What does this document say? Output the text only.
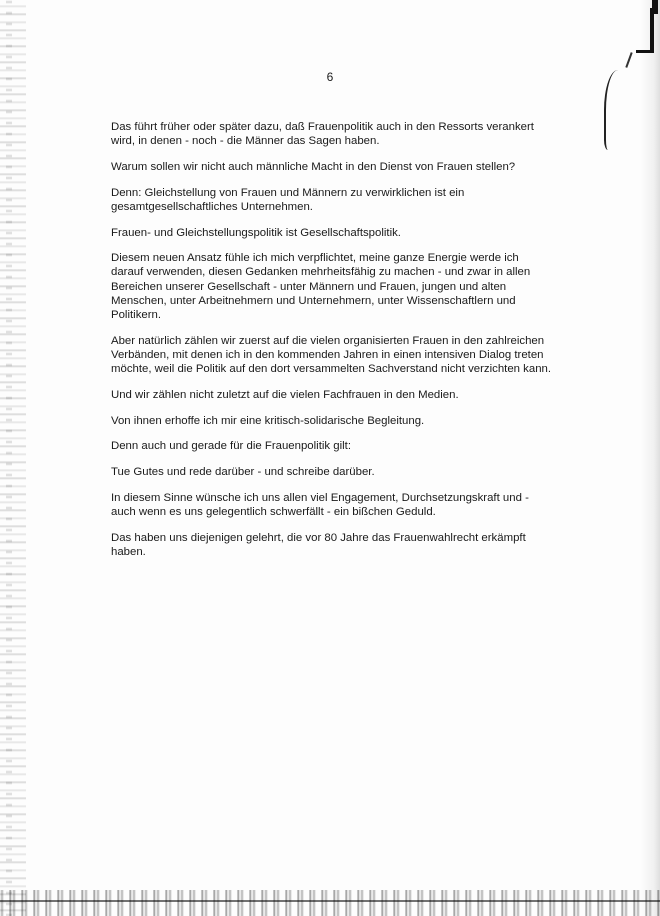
6

Das führt früher oder später dazu, daß Frauenpolitik auch in den Ressorts verankert
wird, in denen - noch - die Männer das Sagen haben.

Warum sollen wir nicht auch männliche Macht in den Dienst von Frauen stellen?

Denn: Gleichstellung von Frauen und Männern zu verwirklichen ist ein
gesamtgesellschaftliches Unternehmen.

Frauen- und Gleichstellungspolitik ist Gesellschaftspolitik.

Diesem neuen Ansatz fühle ich mich verpflichtet, meine ganze Energie werde ich
darauf verwenden, diesen Gedanken mehrheitsfähig zu machen - und zwar in allen
Bereichen unserer Gesellschaft - unter Männern und Frauen, jungen und alten
Menschen, unter Arbeitnehmern und Unternehmern, unter Wissenschaftlern und
Politikern.

Aber natürlich zählen wir zuerst auf die vielen organisierten Frauen in den zahlreichen
Verbänden, mit denen ich in den kommenden Jahren in einen intensiven Dialog treten
möchte, weil die Politik auf den dort versammelten Sachverstand nicht verzichten kann.

Und wir zählen nicht zuletzt auf die vielen Fachfrauen in den Medien.

Von ihnen erhoffe ich mir eine kritisch-solidarische Begleitung.

Denn auch und gerade für die Frauenpolitik gilt:

Tue Gutes und rede darüber - und schreibe darüber.

In diesem Sinne wünsche ich uns allen viel Engagement, Durchsetzungskraft und -
auch wenn es uns gelegentlich schwerfällt - ein bißchen Geduld.

Das haben uns diejenigen gelehrt, die vor 80 Jahre das Frauenwahlrecht erkämpft
haben.
